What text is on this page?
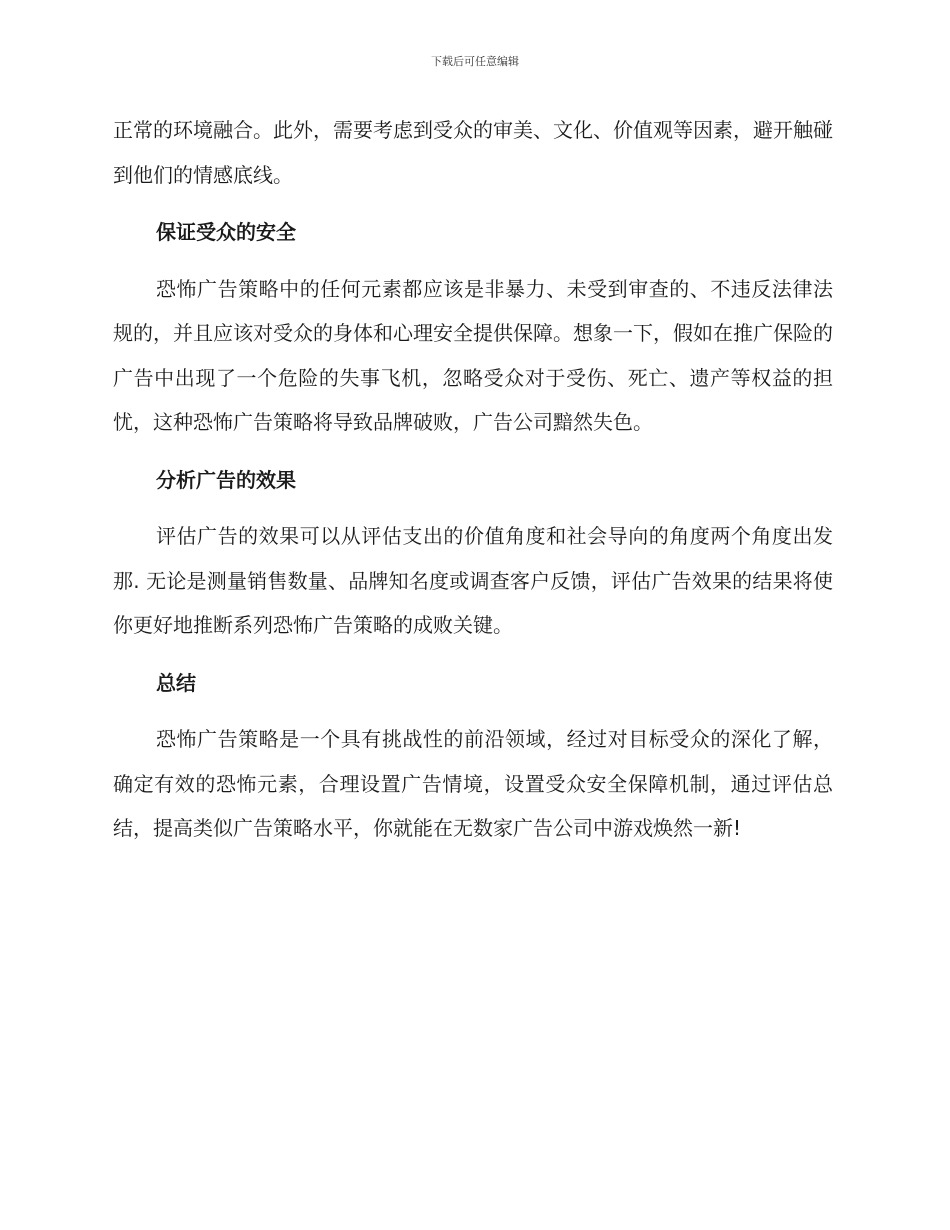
下载后可任意编辑

正常的环境融合。此外，需要考虑到受众的审美、文化、价值观等因素，避开触碰到他们的情感底线。

保证受众的安全

恐怖广告策略中的任何元素都应该是非暴力、未受到审查的、不违反法律法规的，并且应该对受众的身体和心理安全提供保障。想象一下，假如在推广保险的广告中出现了一个危险的失事飞机，忽略受众对于受伤、死亡、遗产等权益的担忧，这种恐怖广告策略将导致品牌破败，广告公司黯然失色。

分析广告的效果

评估广告的效果可以从评估支出的价值角度和社会导向的角度两个角度出发那. 无论是测量销售数量、品牌知名度或调查客户反馈，评估广告效果的结果将使你更好地推断系列恐怖广告策略的成败关键。

总结

恐怖广告策略是一个具有挑战性的前沿领域，经过对目标受众的深化了解，确定有效的恐怖元素，合理设置广告情境，设置受众安全保障机制，通过评估总结，提高类似广告策略水平，你就能在无数家广告公司中游戏焕然一新!
